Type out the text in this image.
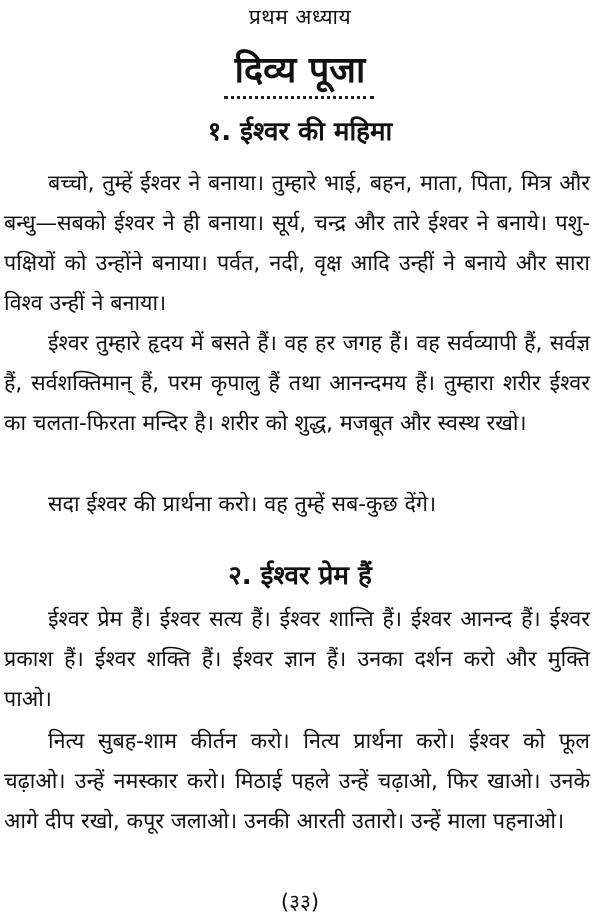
प्रथम अध्याय
दिव्य पूजा
१. ईश्वर की महिमा

बच्चो, तुम्हें ईश्वर ने बनाया। तुम्हारे भाई, बहन, माता, पिता, मित्र और बन्धु—सबको ईश्वर ने ही बनाया। सूर्य, चन्द्र और तारे ईश्वर ने बनाये। पशु-पक्षियों को उन्होंने बनाया। पर्वत, नदी, वृक्ष आदि उन्हीं ने बनाये और सारा विश्व उन्हीं ने बनाया।

ईश्वर तुम्हारे हृदय में बसते हैं। वह हर जगह हैं। वह सर्वव्यापी हैं, सर्वज्ञ हैं, सर्वशक्तिमान् हैं, परम कृपालु हैं तथा आनन्दमय हैं। तुम्हारा शरीर ईश्वर का चलता-फिरता मन्दिर है। शरीर को शुद्ध, मजबूत और स्वस्थ रखो।

सदा ईश्वर की प्रार्थना करो। वह तुम्हें सब-कुछ देंगे।

२. ईश्वर प्रेम हैं

ईश्वर प्रेम हैं। ईश्वर सत्य हैं। ईश्वर शान्ति हैं। ईश्वर आनन्द हैं। ईश्वर प्रकाश हैं। ईश्वर शक्ति हैं। ईश्वर ज्ञान हैं। उनका दर्शन करो और मुक्ति पाओ।

नित्य सुबह-शाम कीर्तन करो। नित्य प्रार्थना करो। ईश्वर को फूल चढ़ाओ। उन्हें नमस्कार करो। मिठाई पहले उन्हें चढ़ाओ, फिर खाओ। उनके आगे दीप रखो, कपूर जलाओ। उनकी आरती उतारो। उन्हें माला पहनाओ।

(३३)
